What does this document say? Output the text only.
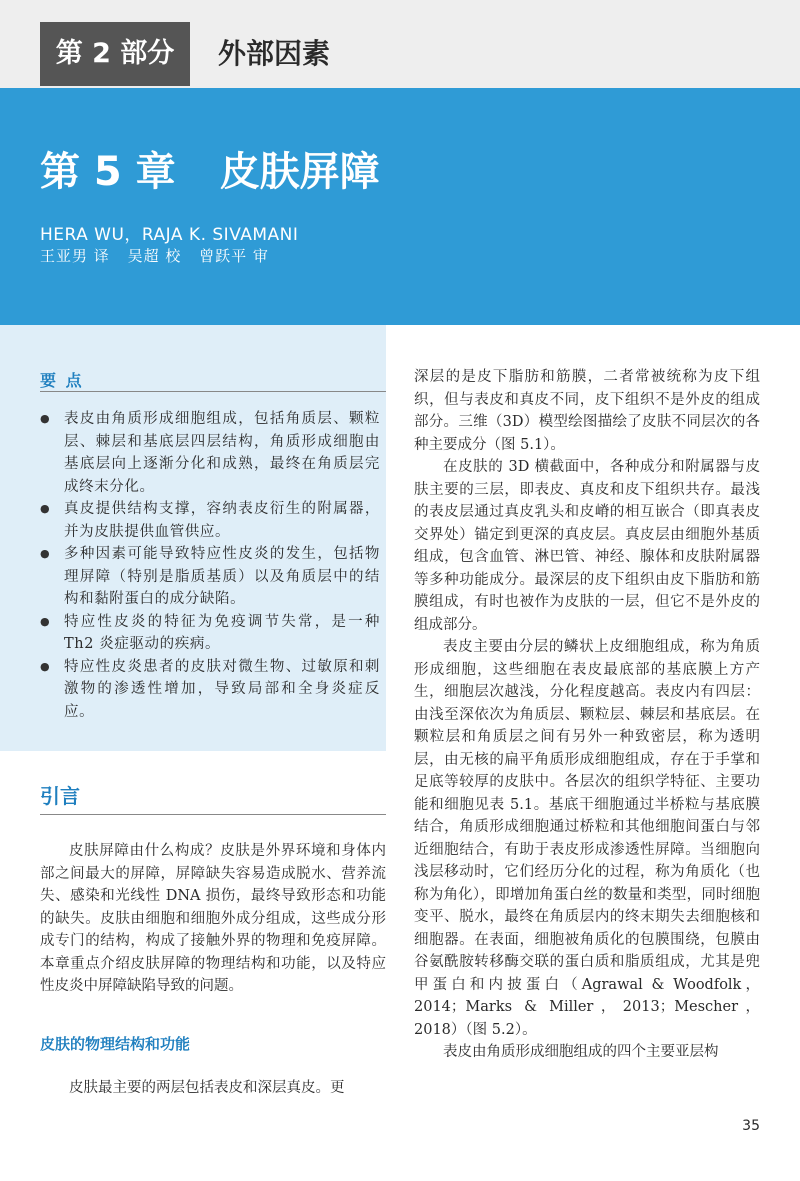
第 2 部分	外部因素
第 5 章 皮肤屏障
HERA WU，RAJA K. SIVAMANI
王亚男 译 吴超 校 曾跃平 审
要 点
● 表皮由角质形成细胞组成，包括角质层、颗粒层、棘层和基底层四层结构，角质形成细胞由基底层向上逐渐分化和成熟，最终在角质层完成终末分化。
● 真皮提供结构支撑，容纳表皮衍生的附属器，并为皮肤提供血管供应。
● 多种因素可能导致特应性皮炎的发生，包括物理屏障（特别是脂质基质）以及角质层中的结构和黏附蛋白的成分缺陷。
● 特应性皮炎的特征为免疫调节失常，是一种 Th2 炎症驱动的疾病。
● 特应性皮炎患者的皮肤对微生物、过敏原和刺激物的渗透性增加，导致局部和全身炎症反应。
引言

皮肤屏障由什么构成？皮肤是外界环境和身体内部之间最大的屏障，屏障缺失容易造成脱水、营养流失、感染和光线性 DNA 损伤，最终导致形态和功能的缺失。皮肤由细胞和细胞外成分组成，这些成分形成专门的结构，构成了接触外界的物理和免疫屏障。本章重点介绍皮肤屏障的物理结构和功能，以及特应性皮炎中屏障缺陷导致的问题。

皮肤的物理结构和功能

皮肤最主要的两层包括表皮和深层真皮。更

深层的是皮下脂肪和筋膜，二者常被统称为皮下组织，但与表皮和真皮不同，皮下组织不是外皮的组成部分。三维（3D）模型绘图描绘了皮肤不同层次的各种主要成分（图 5.1）。

在皮肤的 3D 横截面中，各种成分和附属器与皮肤主要的三层，即表皮、真皮和皮下组织共存。最浅的表皮层通过真皮乳头和皮嵴的相互嵌合（即真表皮交界处）锚定到更深的真皮层。真皮层由细胞外基质组成，包含血管、淋巴管、神经、腺体和皮肤附属器等多种功能成分。最深层的皮下组织由皮下脂肪和筋膜组成，有时也被作为皮肤的一层，但它不是外皮的组成部分。

表皮主要由分层的鳞状上皮细胞组成，称为角质形成细胞，这些细胞在表皮最底部的基底膜上方产生，细胞层次越浅，分化程度越高。表皮内有四层：由浅至深依次为角质层、颗粒层、棘层和基底层。在颗粒层和角质层之间有另外一种致密层，称为透明层，由无核的扁平角质形成细胞组成，存在于手掌和足底等较厚的皮肤中。各层次的组织学特征、主要功能和细胞见表 5.1。基底干细胞通过半桥粒与基底膜结合，角质形成细胞通过桥粒和其他细胞间蛋白与邻近细胞结合，有助于表皮形成渗透性屏障。当细胞向浅层移动时，它们经历分化的过程，称为角质化（也称为角化），即增加角蛋白丝的数量和类型，同时细胞变平、脱水，最终在角质层内的终末期失去细胞核和细胞器。在表面，细胞被角质化的包膜围绕，包膜由谷氨酰胺转移酶交联的蛋白质和脂质组成，尤其是兜甲蛋白和内披蛋白（Agrawal & Woodfolk，2014；Marks & Miller，2013；Mescher，2018）（图 5.2）。

表皮由角质形成细胞组成的四个主要亚层构

35
